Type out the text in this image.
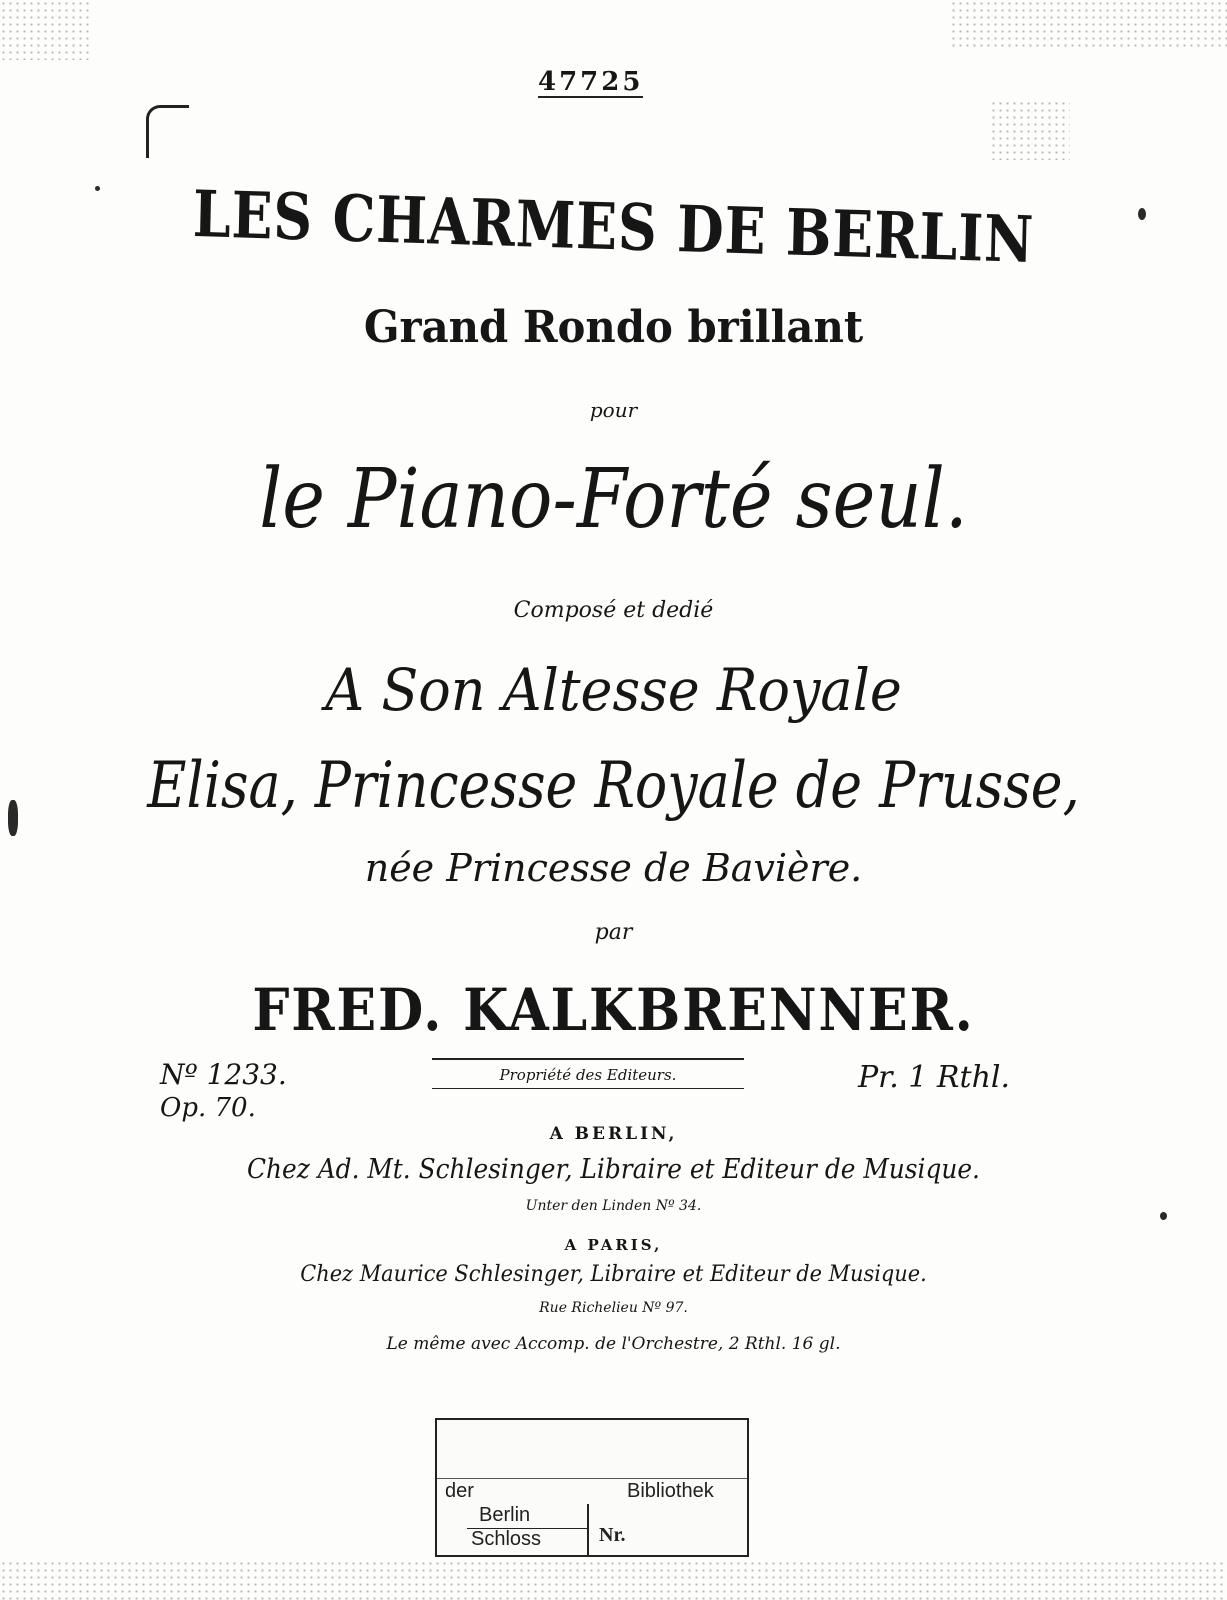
47725
LES CHARMES DE BERLIN
Grand Rondo brillant
pour
le Piano-Forté seul.
Composé et dedié
A Son Altesse Royale
Elisa, Princesse Royale de Prusse,
née Princesse de Bavière.
par
FRED. KALKBRENNER.
Nº 1233.
Op. 70.
Propriété des Editeurs.	Pr. 1 Rthl.
A BERLIN,
Chez Ad. Mt. Schlesinger, Libraire et Editeur de Musique.
Unter den Linden Nº 34.
A PARIS,
Chez Maurice Schlesinger, Libraire et Editeur de Musique.
Rue Richelieu Nº 97.
Le même avec Accomp. de l'Orchestre, 2 Rthl. 16 gl.
der	Bibliothek
Berlin
Schloss	Nr.
